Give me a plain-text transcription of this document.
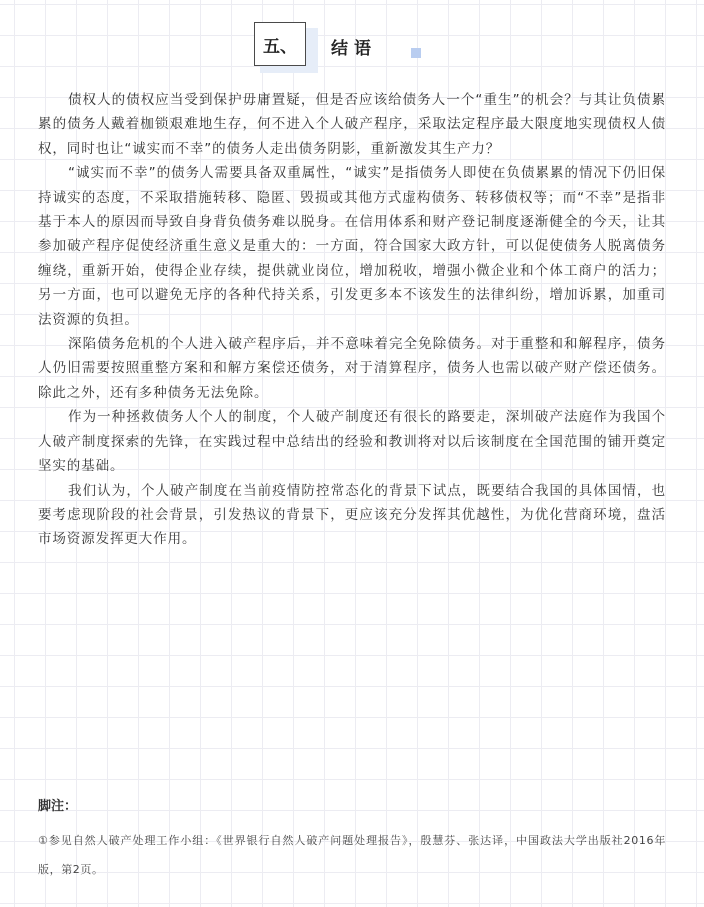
五、 结语

债权人的债权应当受到保护毋庸置疑，但是否应该给债务人一个“重生”的机会？与其让负债累累的债务人戴着枷锁艰难地生存，何不进入个人破产程序，采取法定程序最大限度地实现债权人债权，同时也让“诚实而不幸”的债务人走出债务阴影，重新激发其生产力？

“诚实而不幸”的债务人需要具备双重属性，“诚实”是指债务人即使在负债累累的情况下仍旧保持诚实的态度，不采取措施转移、隐匿、毁损或其他方式虚构债务、转移债权等；而“不幸”是指非基于本人的原因而导致自身背负债务难以脱身。在信用体系和财产登记制度逐渐健全的今天，让其参加破产程序促使经济重生意义是重大的：一方面，符合国家大政方针，可以促使债务人脱离债务缠绕，重新开始，使得企业存续，提供就业岗位，增加税收，增强小微企业和个体工商户的活力；另一方面，也可以避免无序的各种代持关系，引发更多本不该发生的法律纠纷，增加诉累，加重司法资源的负担。

深陷债务危机的个人进入破产程序后，并不意味着完全免除债务。对于重整和和解程序，债务人仍旧需要按照重整方案和和解方案偿还债务，对于清算程序，债务人也需以破产财产偿还债务。除此之外，还有多种债务无法免除。

作为一种拯救债务人个人的制度，个人破产制度还有很长的路要走，深圳破产法庭作为我国个人破产制度探索的先锋，在实践过程中总结出的经验和教训将对以后该制度在全国范围的铺开奠定坚实的基础。

我们认为，个人破产制度在当前疫情防控常态化的背景下试点，既要结合我国的具体国情，也要考虑现阶段的社会背景，引发热议的背景下，更应该充分发挥其优越性，为优化营商环境，盘活市场资源发挥更大作用。

脚注：
①参见自然人破产处理工作小组：《世界银行自然人破产问题处理报告》，殷慧芬、张达译，中国政法大学出版社2016年版，第2页。
